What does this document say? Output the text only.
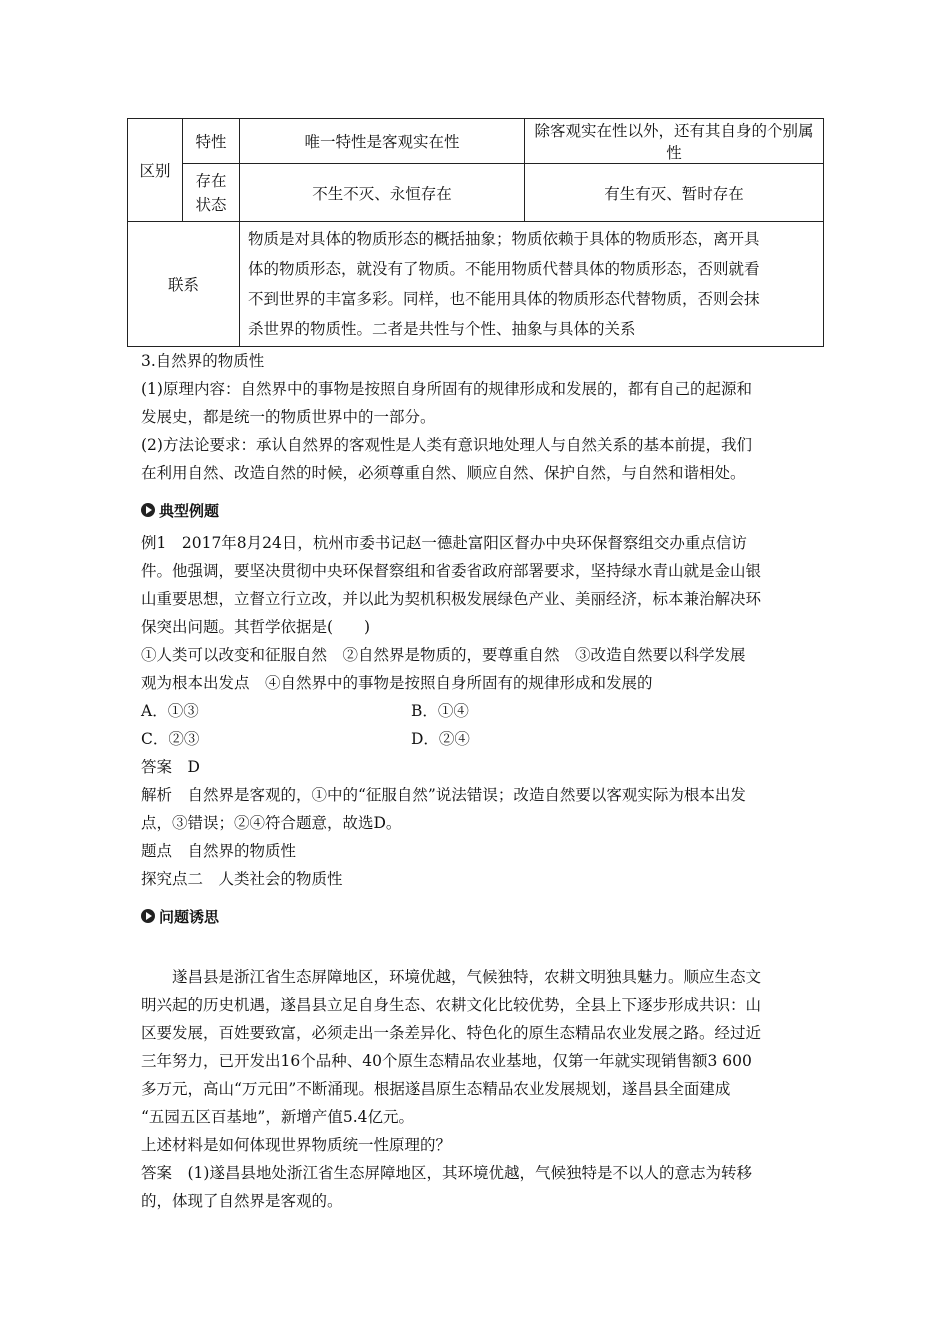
区别	特性	唯一特性是客观实在性	除客观实在性以外，还有其自身的个别属性
	存在状态	不生不灭、永恒存在	有生有灭、暂时存在
联系		物质是对具体的物质形态的概括抽象；物质依赖于具体的物质形态，离开具
体的物质形态，就没有了物质。不能用物质代替具体的物质形态，否则就看
不到世界的丰富多彩。同样，也不能用具体的物质形态代替物质，否则会抹
杀世界的物质性。二者是共性与个性、抽象与具体的关系	
3.自然界的物质性
(1)原理内容：自然界中的事物是按照自身所固有的规律形成和发展的，都有自己的起源和
发展史，都是统一的物质世界中的一部分。
(2)方法论要求：承认自然界的客观性是人类有意识地处理人与自然关系的基本前提，我们
在利用自然、改造自然的时候，必须尊重自然、顺应自然、保护自然，与自然和谐相处。
典型例题
例1　2017年8月24日，杭州市委书记赵一德赴富阳区督办中央环保督察组交办重点信访
件。他强调，要坚决贯彻中央环保督察组和省委省政府部署要求，坚持绿水青山就是金山银
山重要思想，立督立行立改，并以此为契机积极发展绿色产业、美丽经济，标本兼治解决环
保突出问题。其哲学依据是(　　)
①人类可以改变和征服自然　②自然界是物质的，要尊重自然　③改造自然要以科学发展
观为根本出发点　④自然界中的事物是按照自身所固有的规律形成和发展的
A．①③	B．①④
C．②③	D．②④
答案　D
解析　自然界是客观的，①中的“征服自然”说法错误；改造自然要以客观实际为根本出发
点，③错误；②④符合题意，故选D。
题点　自然界的物质性
探究点二　人类社会的物质性
问题诱思
遂昌县是浙江省生态屏障地区，环境优越，气候独特，农耕文明独具魅力。顺应生态文
明兴起的历史机遇，遂昌县立足自身生态、农耕文化比较优势，全县上下逐步形成共识：山
区要发展，百姓要致富，必须走出一条差异化、特色化的原生态精品农业发展之路。经过近
三年努力，已开发出16个品种、40个原生态精品农业基地，仅第一年就实现销售额3 600
多万元，高山“万元田”不断涌现。根据遂昌原生态精品农业发展规划，遂昌县全面建成
“五园五区百基地”，新增产值5.4亿元。
上述材料是如何体现世界物质统一性原理的？
答案　(1)遂昌县地处浙江省生态屏障地区，其环境优越，气候独特是不以人的意志为转移
的，体现了自然界是客观的。
